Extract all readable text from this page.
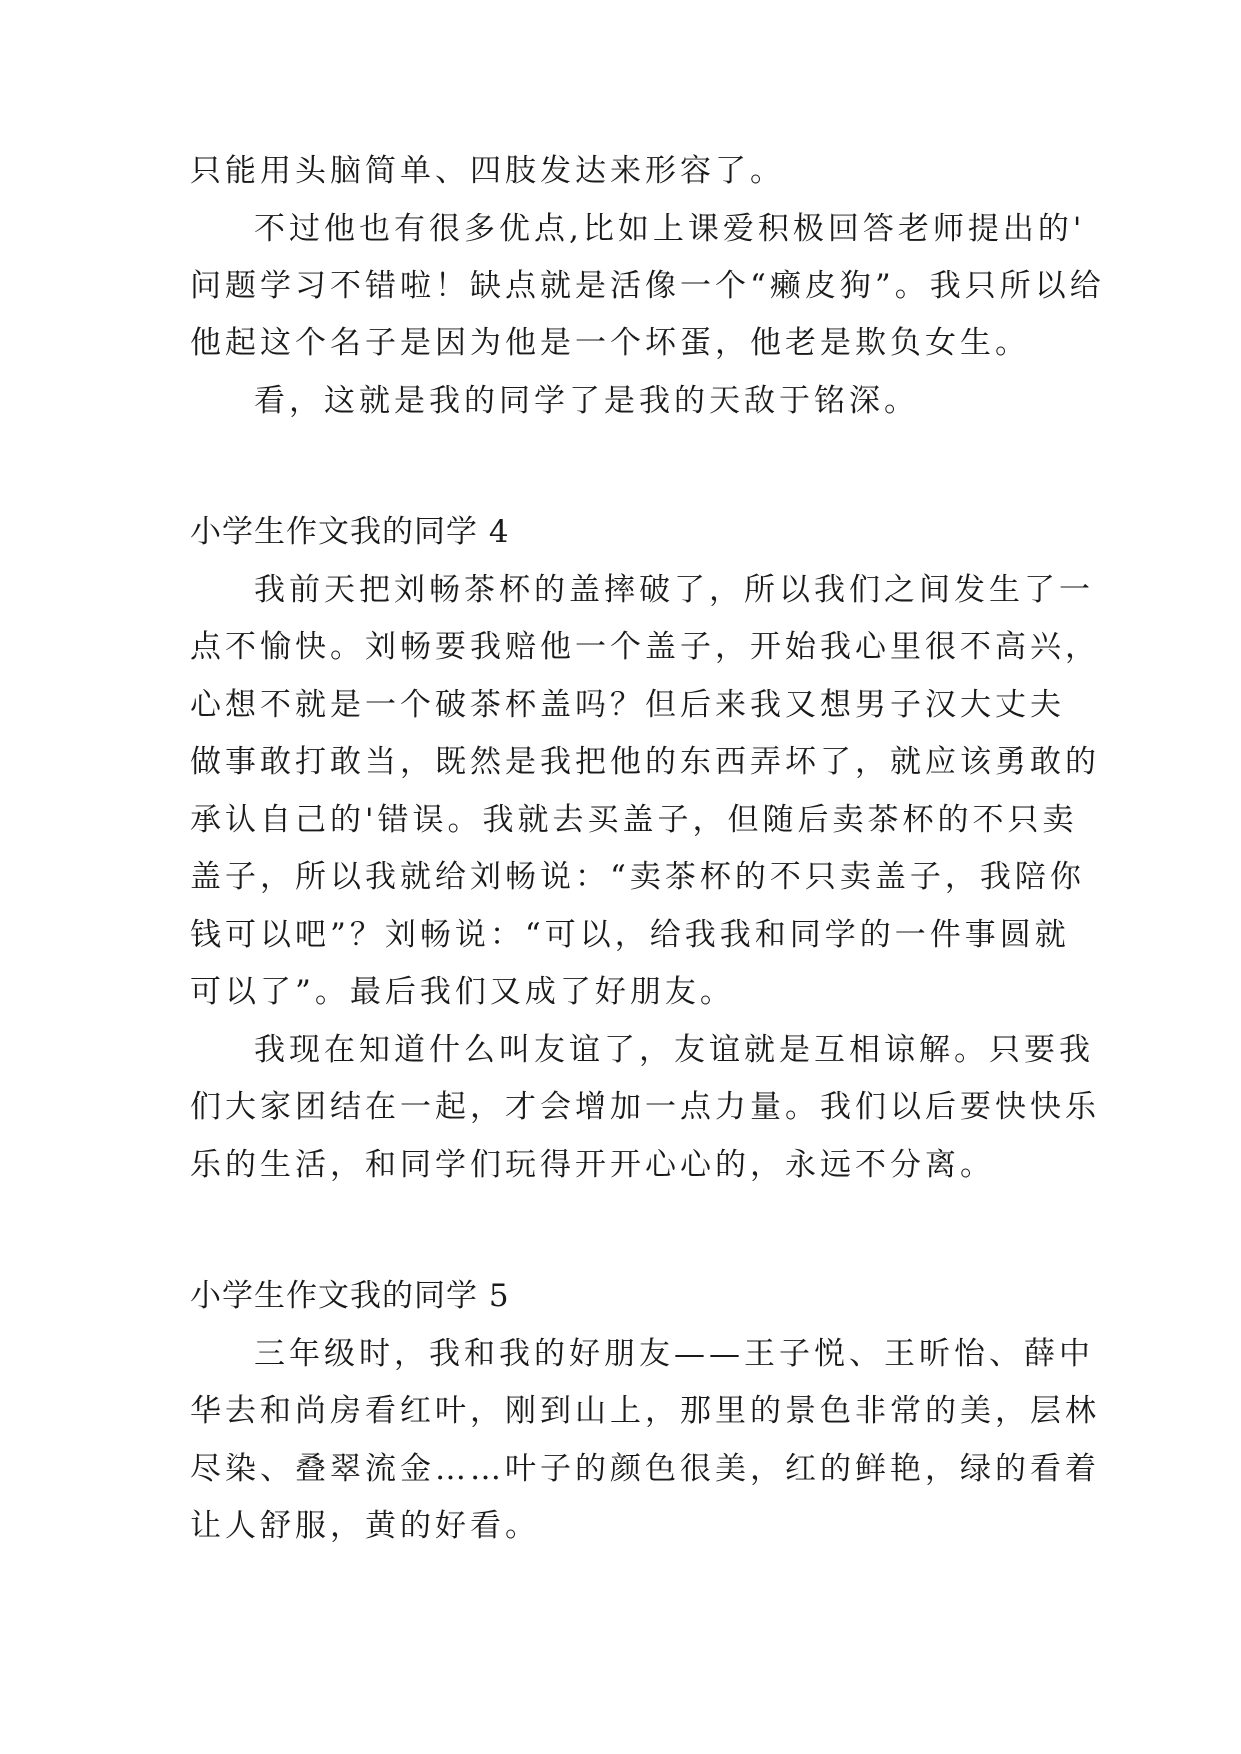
只能用头脑简单、四肢发达来形容了。
不过他也有很多优点,比如上课爱积极回答老师提出的'
问题学习不错啦！缺点就是活像一个“癞皮狗”。我只所以给
他起这个名子是因为他是一个坏蛋，他老是欺负女生。
看，这就是我的同学了是我的天敌于铭深。
小学生作文我的同学 4
我前天把刘畅茶杯的盖摔破了，所以我们之间发生了一
点不愉快。刘畅要我赔他一个盖子，开始我心里很不高兴，
心想不就是一个破茶杯盖吗？但后来我又想男子汉大丈夫
做事敢打敢当，既然是我把他的东西弄坏了，就应该勇敢的
承认自己的'错误。我就去买盖子，但随后卖茶杯的不只卖
盖子，所以我就给刘畅说：“卖茶杯的不只卖盖子，我陪你
钱可以吧”？刘畅说：“可以，给我我和同学的一件事圆就
可以了”。最后我们又成了好朋友。
我现在知道什么叫友谊了，友谊就是互相谅解。只要我
们大家团结在一起，才会增加一点力量。我们以后要快快乐
乐的生活，和同学们玩得开开心心的，永远不分离。
小学生作文我的同学 5
三年级时，我和我的好朋友——王子悦、王昕怡、薛中
华去和尚房看红叶，刚到山上，那里的景色非常的美，层林
尽染、叠翠流金……叶子的颜色很美，红的鲜艳，绿的看着
让人舒服，黄的好看。
